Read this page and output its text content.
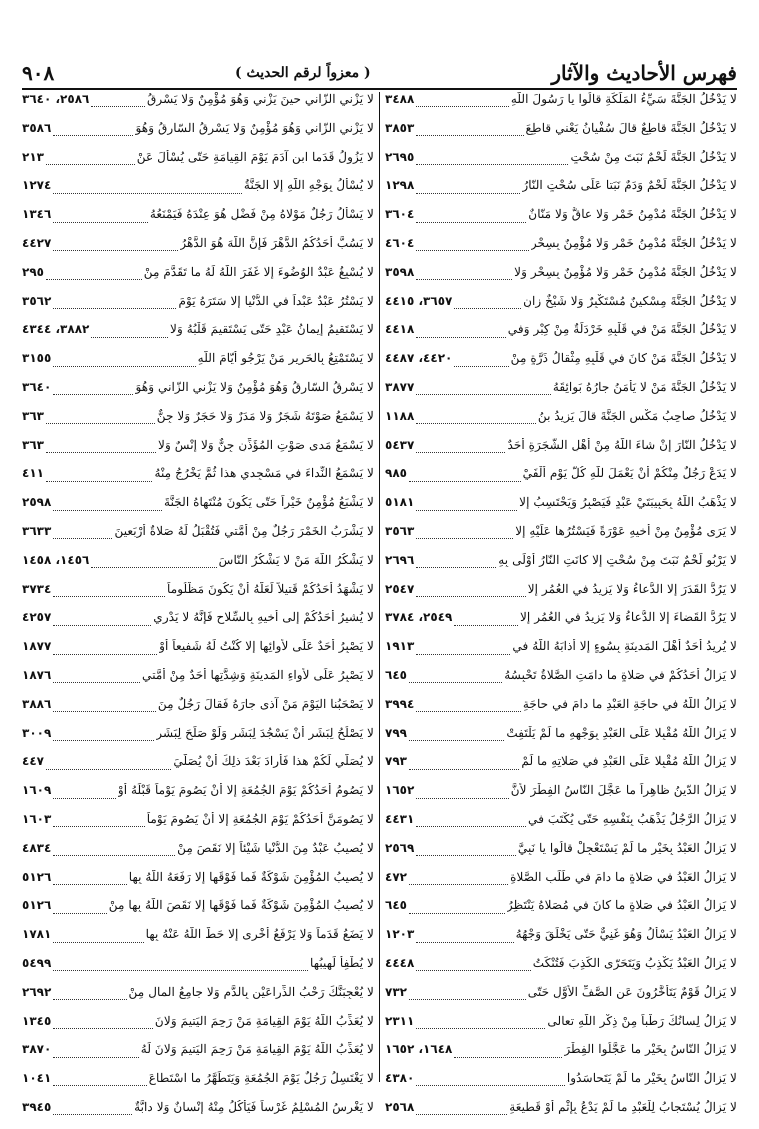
٩٠٨	( معزواً لرقم الحديث )	فهرس الأحاديث والآثار
لا يَدْخُلُ الجَنَّةَ سَيِّءُ المَلَكَةِ قالُوا يا رَسُولَ اللّهِ
٣٤٨٨
لا يَدْخُلُ الجَنَّةَ قاطِعٌ قالَ سُفْيانُ يَعْني قاطِعَ
٣٨٥٣
لا يَدْخُلُ الجَنَّةَ لَحْمٌ نَبَتَ مِنْ سُحْتٍ
٢٦٩٥
لا يَدْخُلُ الجَنَّةَ لَحْمٌ وَدَمٌ نَبَتا عَلَى سُحْتٍ النّارُ
١٢٩٨
لا يَدْخُلُ الجَنَّةَ مُدْمِنُ خَمْرٍ وَلا عاقٌّ وَلا مَنّانٌ
٣٦٠٤
لا يَدْخُلُ الجَنَّةَ مُدْمِنُ خَمْرٍ وَلا مُؤْمِنٌ بِسِحْرٍ
٤٦٠٤
لا يَدْخُلُ الجَنَّةَ مُدْمِنُ خَمْرٍ وَلا مُؤْمِنٌ بِسِحْرٍ وَلا
٣٥٩٨
لا يَدْخُلُ الجَنَّةَ مِسْكينٌ مُسْتَكْبِرٌ وَلا شَيْخٌ زانٍ
٣٦٥٧، ٤٤١٥
لا يَدْخُلُ الجَنَّةَ مَنْ في قَلْبِهِ خَرْدَلَةٌ مِنْ كِبْرٍ وَفي
٤٤١٨
لا يَدْخُلُ الجَنَّةَ مَنْ كانَ في قَلْبِهِ مِثْقالُ ذَرَّةٍ مِنْ
٤٤٢٠، ٤٤٨٧
لا يَدْخُلُ الجَنَّةَ مَنْ لا يَأْمَنُ جارُهُ بَوائِقَهُ
٣٨٧٧
لا يَدْخُلُ صاحِبُ مَكْسٍ الجَنَّةَ قالَ يَزيدُ بنُ
١١٨٨
لا يَدْخُلُ النّارَ إنْ شاءَ اللّهُ مِنْ أَهْلِ الشَّجَرَةِ أَحَدٌ
٥٤٣٧
لا يَدَعْ رَجُلٌ مِنْكُمْ أَنْ يَعْمَلَ للّهِ كُلَّ يَوْمٍ أَلْفَيْ
٩٨٥
لا يَذْهَبُ اللّهُ بِحَبِيبَتَيْ عَبْدٍ فَيَصْبِرُ وَيَحْتَسِبُ إلا
٥١٨١
لا يَرَى مُؤْمِنٌ مِنْ أَخيهِ عَوْرَةً فَيَسْتُرُها عَلَيْهِ إلا
٣٥٦٣
لا يَرْبُو لَحْمٌ نَبَتَ مِنْ سُحْتٍ إلا كانَتِ النّارُ أَوْلَى بِهِ
٢٦٩٦
لا يَرُدُّ القَدَرَ إلا الدُّعاءُ وَلا يَزيدُ في العُمُرِ إلا
٢٥٤٧
لا يَرُدُّ القَضاءَ إلا الدُّعاءُ وَلا يَزيدُ في العُمُرِ إلا
٢٥٤٩، ٣٧٨٤
لا يُريدُ أَحَدٌ أَهْلَ المَدينَةِ بِسُوءٍ إلا أَذابَهُ اللّهُ في
١٩١٣
لا يَزالُ أَحَدُكُمْ في صَلاةٍ ما دامَتِ الصَّلاةُ تَحْبِسُهُ
٦٤٥
لا يَزالُ اللّهُ في حاجَةِ العَبْدِ ما دامَ في حاجَةِ
٣٩٩٤
لا يَزالُ اللّهُ مُقْبِلا عَلَى العَبْدِ بِوَجْهِهِ ما لَمْ يَلْتَفِتْ
٧٩٩
لا يَزالُ اللّهُ مُقْبِلا عَلَى العَبْدِ في صَلاتِهِ ما لَمْ
٧٩٣
لا يَزالُ الدّينُ ظاهِراً ما عَجَّلَ النّاسُ الفِطْرَ لأنَّ
١٦٥٢
لا يَزالُ الرَّجُلُ يَذْهَبُ بِنَفْسِهِ حَتّى يُكْتَبَ في
٤٤٣١
لا يَزالُ العَبْدُ بِخَيْرٍ ما لَمْ يَسْتَعْجِلْ قالُوا يا نَبِيَّ
٢٥٦٩
لا يَزالُ العَبْدُ في صَلاةٍ ما دامَ في طَلَبِ الصَّلاةِ
٤٧٢
لا يَزالُ العَبْدُ في صَلاةٍ ما كانَ في مُصَلاهُ يَنْتَظِرُ
٦٤٥
لا يَزالُ العَبْدُ يَسْأَلُ وَهُوَ غَنِيٌّ حَتّى يَخْلَقَ وَجْهُهُ
١٢٠٣
لا يَزالُ العَبْدُ يَكْذِبُ وَيَتَحَرّى الكَذِبَ فَتُنْكَتُ
٤٤٤٨
لا يَزالُ قَوْمٌ يَتَأَخَّرُونَ عَنِ الصَّفِّ الأَوَّلِ حَتّى
٧٣٢
لا يَزالُ لِسانُكَ رَطْباً مِنْ ذِكْرِ اللّهِ تعالى
٢٣١١
لا يَزالُ النّاسُ بِخَيْرٍ ما عَجَّلُوا الفِطْرَ
١٦٤٨، ١٦٥٢
لا يَزالُ النّاسُ بِخَيْرٍ ما لَمْ يَتَحاسَدُوا
٤٣٨٠
لا يَزالُ يُسْتَجابُ لِلْعَبْدِ ما لَمْ يَدْعُ بِإثْمٍ أَوْ قَطيعَةِ
٢٥٦٨
لا يَزْني الزّاني حينَ يَزْني وَهُوَ مُؤْمِنٌ وَلا يَسْرِقُ
٢٥٨٦، ٣٦٤٠
لا يَزْني الزّاني وَهُوَ مُؤْمِنٌ وَلا يَسْرِقُ السّارِقُ وَهُوَ
٣٥٨٦
لا يَزُولُ قَدَما ابنِ آدَمَ يَوْمَ القِيامَةِ حَتّى يُسْأَلَ عَنْ
٢١٣
لا يُسْأَلُ بِوَجْهِ اللّهِ إلا الجَنَّةُ
١٢٧٤
لا يَسْأَلُ رَجُلٌ مَوْلاهُ مِنْ فَضْلٍ هُوَ عِنْدَهُ فَيَمْنَعُهُ
١٣٤٦
لا يَسُبَّ أَحَدُكُمُ الدَّهْرَ فَإنَّ اللّهَ هُوَ الدَّهْرُ
٤٤٢٧
لا يُسْبِغُ عَبْدٌ الوُضُوءَ إلا غَفَرَ اللّهُ لَهُ ما تَقَدَّمَ مِنْ
٢٩٥
لا يَسْتُرُ عَبْدٌ عَبْداً في الدُّنْيا إلا سَتَرَهُ يَوْمَ
٣٥٦٢
لا يَسْتَقيمُ إيمانُ عَبْدٍ حَتّى يَسْتَقيمَ قَلْبُهُ وَلا
٣٨٨٢، ٤٣٤٤
لا يَسْتَمْتِعُ بِالحَريرِ مَنْ يَرْجُو أَيّامَ اللّهِ
٣١٥٥
لا يَسْرِقُ السّارِقُ وَهُوَ مُؤْمِنٌ وَلا يَزْني الزّاني وَهُوَ
٣٦٤٠
لا يَسْمَعُ صَوْتَهُ شَجَرٌ وَلا مَدَرٌ وَلا حَجَرٌ وَلا جِنٌّ
٣٦٣
لا يَسْمَعُ مَدى صَوْتِ المُؤَذِّنِ جِنٌّ وَلا إنْسٌ وَلا
٣٦٣
لا يَسْمَعُ النِّداءَ في مَسْجِدي هذا ثُمَّ يَخْرُجُ مِنْهُ
٤١١
لا يَشْبَعُ مُؤْمِنٌ خَيْراً حَتّى يَكُونَ مُنْتَهاهُ الجَنَّةَ
٢٥٩٨
لا يَشْرَبُ الخَمْرَ رَجُلٌ مِنْ أُمَّتي فَتُقْبَلُ لَهُ صَلاةٌ أَرْبَعينَ
٣٦٣٣
لا يَشْكُرُ اللّهَ مَنْ لا يَشْكُرُ النّاسَ
١٤٥٦، ١٤٥٨
لا يَشْهَدُ أَحَدُكُمْ قَتيلاً لَعَلَّهُ أَنْ يَكُونَ مَظْلُوماً
٣٧٣٤
لا يُشيرُ أَحَدُكُمْ إلى أَخيهِ بِالسِّلاحِ فَإنَّهُ لا يَدْري
٤٢٥٧
لا يَصْبِرُ أَحَدٌ عَلَى لأْوائِها إلا كُنْتُ لَهُ شَفيعاً أَوْ
١٨٧٧
لا يَصْبِرُ عَلَى لأْواءِ المَدينَةِ وَشِدَّتِها أَحَدٌ مِنْ أُمَّتي
١٨٧٦
لا يَصْحَبُنا اليَوْمَ مَنْ آذى جارَهُ فَقالَ رَجُلٌ مِنَ
٣٨٨٦
لا يَصْلُحُ لِبَشَرٍ أَنْ يَسْجُدَ لِبَشَرٍ وَلَوْ صَلَحَ لِبَشَرٍ
٣٠٠٩
لا يُصَلّي لَكُمْ هذا فَأَرادَ بَعْدَ ذلِكَ أَنْ يُصَلّيَ
٤٤٧
لا يَصُومُ أَحَدُكُمْ يَوْمَ الجُمُعَةِ إلا أَنْ يَصُومَ يَوْماً قَبْلَهُ أَوْ
١٦٠٩
لا يَصُومَنَّ أَحَدُكُمْ يَوْمَ الجُمُعَةِ إلا أَنْ يَصُومَ يَوْماً
١٦٠٣
لا يُصيبُ عَبْدٌ مِنَ الدُّنْيا شَيْئاً إلا نَقَصَ مِنْ
٤٨٣٤
لا يُصيبُ المُؤْمِنَ شَوْكَةٌ فَما فَوْقَها إلا رَفَعَهُ اللّهُ بِها
٥١٢٦
لا يُصيبُ المُؤْمِنَ شَوْكَةٌ فَما فَوْقَها إلا نَقَصَ اللّهُ بِها مِنْ
٥١٢٦
لا يَضَعُ قَدَماً وَلا يَرْفَعُ أُخْرى إلا حَطَّ اللّهُ عَنْهُ بِها
١٧٨١
لا يُطْفِأُ لَهِيبُها
٥٤٩٩
لا يُعْجِبَنَّكَ رَحْبُ الذِّراعَيْنِ بِالدَّمِ وَلا جامِعُ المالِ مِنْ
٢٦٩٢
لا يُعَذِّبُ اللّهُ يَوْمَ القِيامَةِ مَنْ رَحِمَ اليَتيمَ وَلانَ
١٣٤٥
لا يُعَذِّبُ اللّهُ يَوْمَ القِيامَةِ مَنْ رَحِمَ اليَتيمَ وَلانَ لَهُ
٣٨٧٠
لا يَغْتَسِلُ رَجُلٌ يَوْمَ الجُمُعَةِ وَيَتَطَهَّرُ ما اسْتَطاعَ
١٠٤١
لا يَغْرِسُ المُسْلِمُ غَرْساً فَيَأْكُلُ مِنْهُ إنْسانٌ وَلا دابَّةٌ
٣٩٤٥
